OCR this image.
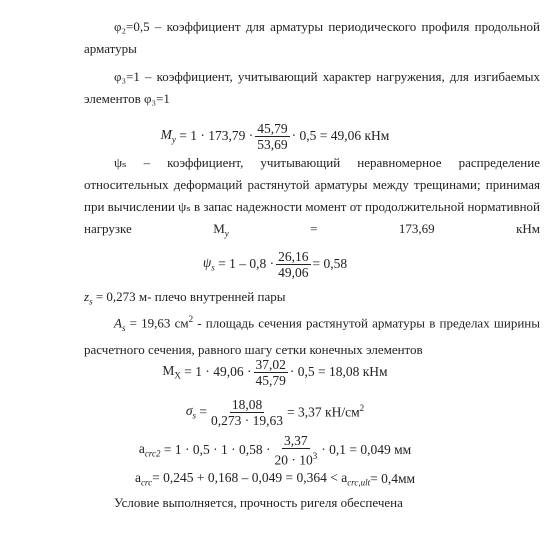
φ₂=0,5 – коэффициент для арматуры периодического профиля продольной арматуры

φ₃=1 – коэффициент, учитывающий характер нагружения, для изгибаемых элементов φ₃=1

$M_y$
= $1 \cdot 173,79 \cdot \frac{45,79}{53,69} \cdot 0,5 = 49,06$ кНм

ψₛ – коэффициент, учитывающий неравномерное распределение относительных деформаций растянутой арматуры между трещинами; принимая при вычислении ψₛ в запас надежности момент от продолжительной нормативной нагрузке $M_y = 173,69$ кНм

$\psi_s$
= $1 - 0,8 \cdot \frac{26,16}{49,06} = 0,58$
$z_s = 0,273$ м- плечо внутренней пары

$A_s = 19,63$ $см^2$ - площадь сечения растянутой арматуры в пределах ширины расчетного сечения, равного шагу сетки конечных элементов

$M_X$
= $1 \cdot 49,06 \cdot \frac{37,02}{45,79} \cdot 0,5 = 18,08$ кНм
$\sigma_s$
= $\frac{18,08}{0,273 \cdot 19,63} = 3,37$ $кН/см^2$
$a_{crc2}$
= $1 \cdot 0,5 \cdot 1 \cdot 0,58 \cdot \frac{3,37}{20 \cdot 10^3} \cdot 0,1 = 0,049$ мм
$a_{crc} = 0,245 + 0,168 - 0,049 = 0,364 < a_{crc,ult} = 0,4мм$

Условие выполняется, прочность ригеля обеспечена
